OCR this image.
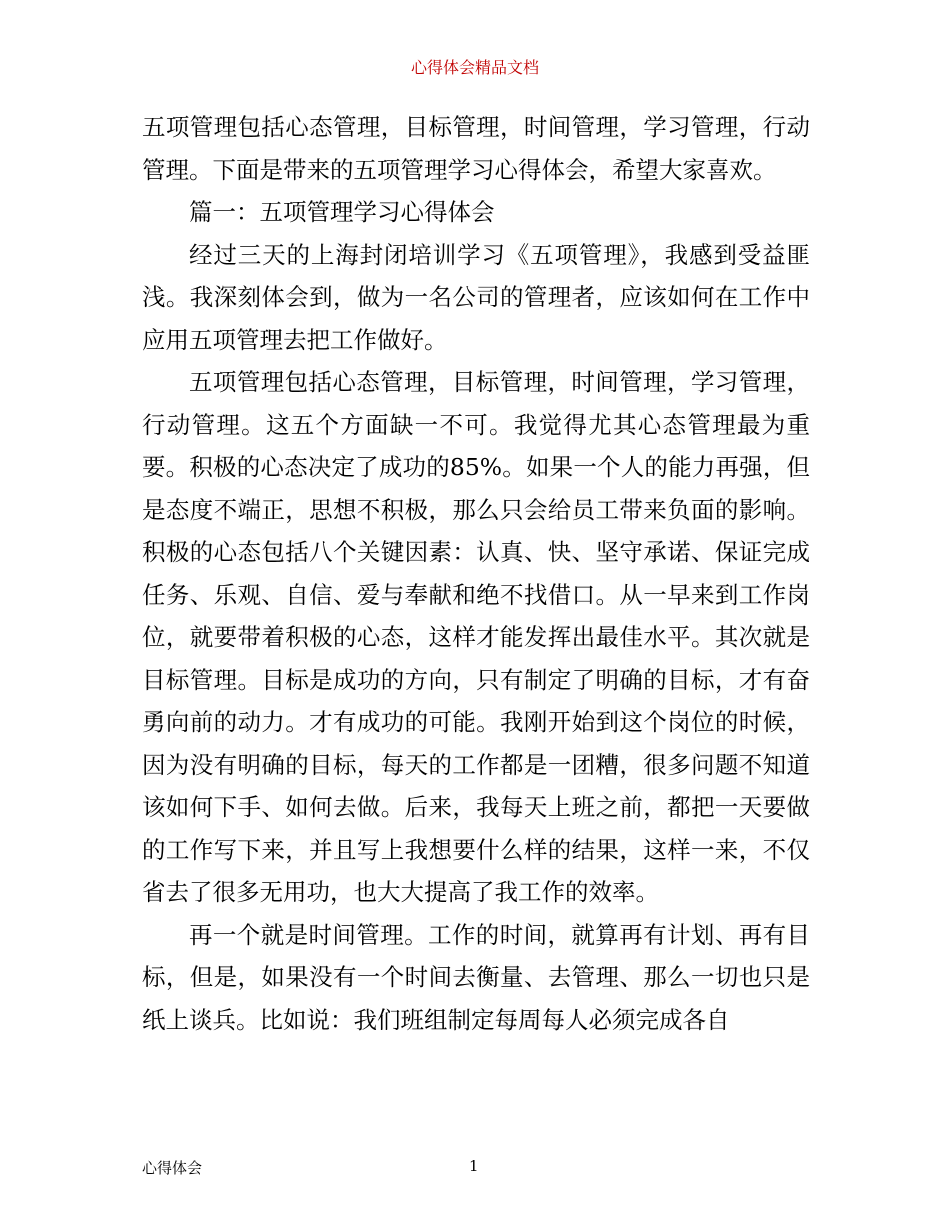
心得体会精品文档

五项管理包括心态管理，目标管理，时间管理，学习管理，行动管理。下面是带来的五项管理学习心得体会，希望大家喜欢。

篇一：五项管理学习心得体会

经过三天的上海封闭培训学习《五项管理》，我感到受益匪浅。我深刻体会到，做为一名公司的管理者，应该如何在工作中应用五项管理去把工作做好。

五项管理包括心态管理，目标管理，时间管理，学习管理，行动管理。这五个方面缺一不可。我觉得尤其心态管理最为重要。积极的心态决定了成功的85%。如果一个人的能力再强，但是态度不端正，思想不积极，那么只会给员工带来负面的影响。积极的心态包括八个关键因素：认真、快、坚守承诺、保证完成任务、乐观、自信、爱与奉献和绝不找借口。从一早来到工作岗位，就要带着积极的心态，这样才能发挥出最佳水平。其次就是目标管理。目标是成功的方向，只有制定了明确的目标，才有奋勇向前的动力。才有成功的可能。我刚开始到这个岗位的时候，因为没有明确的目标，每天的工作都是一团糟，很多问题不知道该如何下手、如何去做。后来，我每天上班之前，都把一天要做的工作写下来，并且写上我想要什么样的结果，这样一来，不仅省去了很多无用功，也大大提高了我工作的效率。

再一个就是时间管理。工作的时间，就算再有计划、再有目标，但是，如果没有一个时间去衡量、去管理、那么一切也只是纸上谈兵。比如说：我们班组制定每周每人必须完成各自

心得体会	1
